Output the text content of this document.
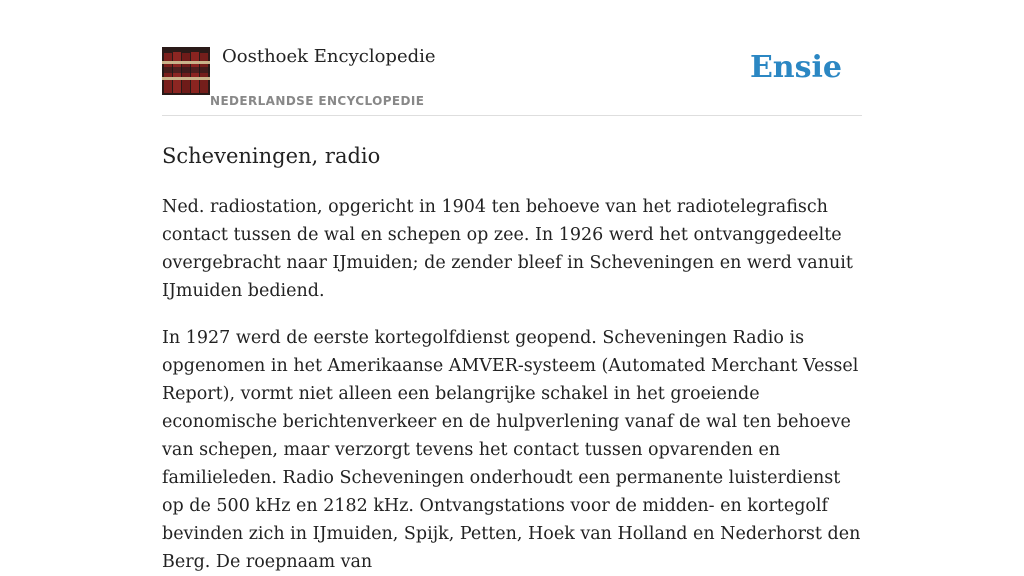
Oosthoek Encyclopedie
NEDERLANDSE ENCYCLOPEDIE
Ensie
Scheveningen, radio

Ned. radiostation, opgericht in 1904 ten behoeve van het radiotelegrafisch contact tussen de wal en schepen op zee. In 1926 werd het ontvanggedeelte overgebracht naar IJmuiden; de zender bleef in Scheveningen en werd vanuit IJmuiden bediend.

In 1927 werd de eerste kortegolfdienst geopend. Scheveningen Radio is opgenomen in het Amerikaanse AMVER-systeem (Automated Merchant Vessel Report), vormt niet alleen een belangrijke schakel in het groeiende economische berichtenverkeer en de hulpverlening vanaf de wal ten behoeve van schepen, maar verzorgt tevens het contact tussen opvarenden en familieleden. Radio Scheveningen onderhoudt een permanente luisterdienst op de 500 kHz en 2182 kHz. Ontvangstations voor de midden- en kortegolf bevinden zich in IJmuiden, Spijk, Petten, Hoek van Holland en Nederhorst den Berg. De roepnaam van
